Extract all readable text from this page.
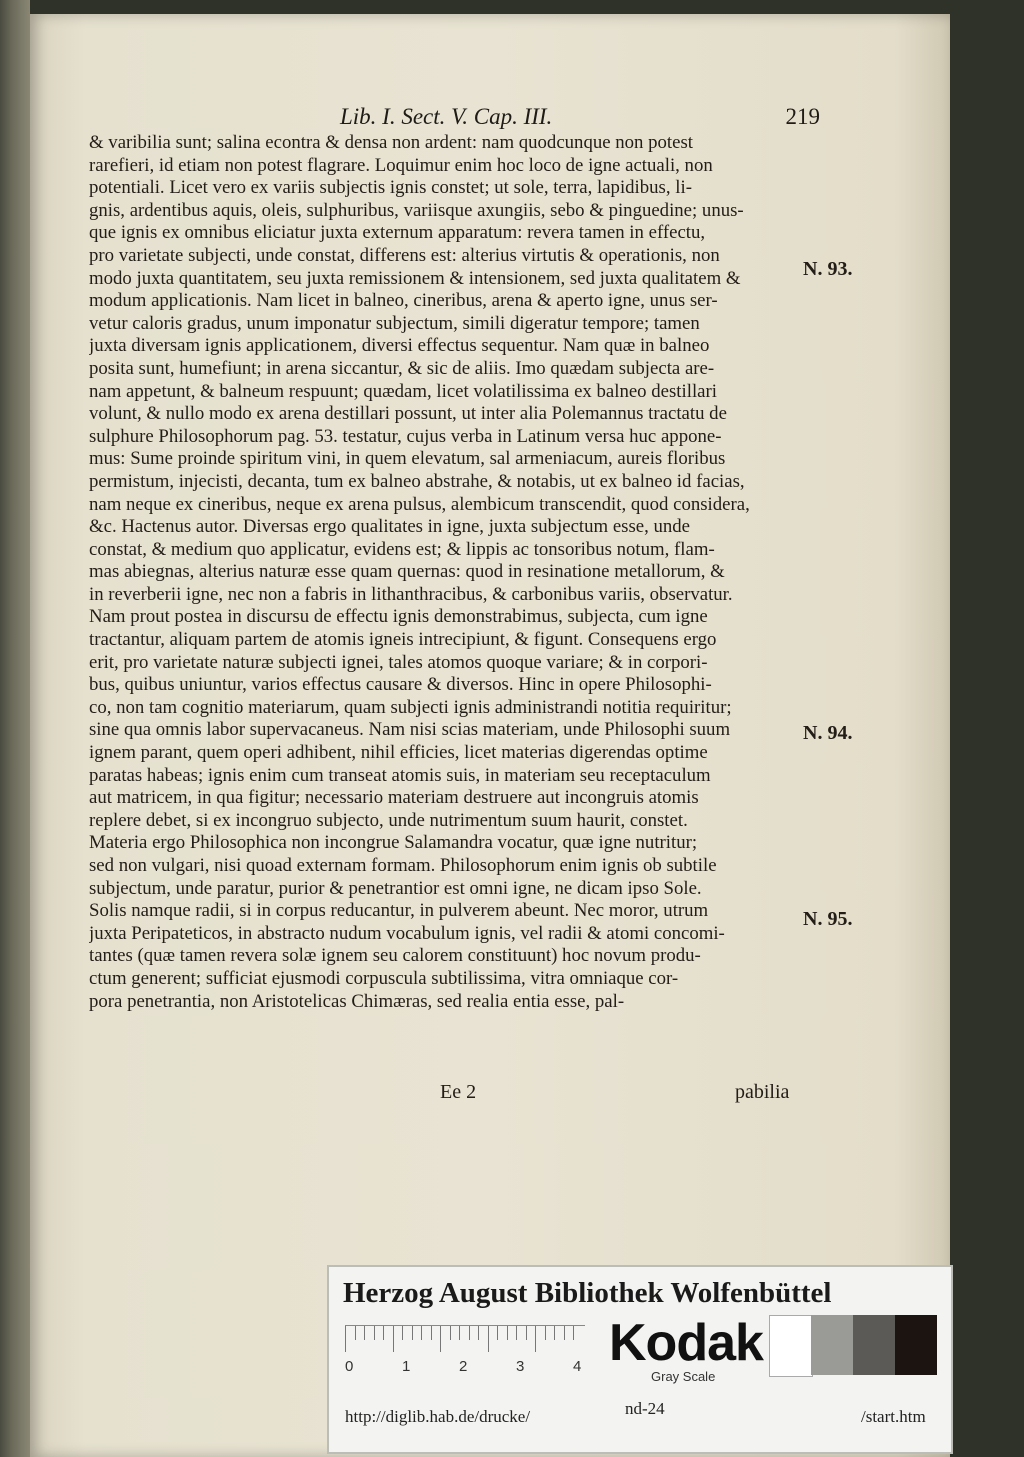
Lib. I. Sect. V. Cap. III.	219
& varibilia sunt; salina econtra & densa non ardent: nam quodcunque non potest
rarefieri, id etiam non potest flagrare. Loquimur enim hoc loco de igne actuali, non
potentiali. Licet vero ex variis subjectis ignis constet; ut sole, terra, lapidibus, li-
gnis, ardentibus aquis, oleis, sulphuribus, variisque axungiis, sebo & pinguedine; unus-
que ignis ex omnibus eliciatur juxta externum apparatum: revera tamen in effectu,
pro varietate subjecti, unde constat, differens est: alterius virtutis & operationis, non
modo juxta quantitatem, seu juxta remissionem & intensionem, sed juxta qualitatem &
modum applicationis. Nam licet in balneo, cineribus, arena & aperto igne, unus ser-
vetur caloris gradus, unum imponatur subjectum, simili digeratur tempore; tamen
juxta diversam ignis applicationem, diversi effectus sequentur. Nam quæ in balneo
posita sunt, humefiunt; in arena siccantur, & sic de aliis. Imo quædam subjecta are-
nam appetunt, & balneum respuunt; quædam, licet volatilissima ex balneo destillari
volunt, & nullo modo ex arena destillari possunt, ut inter alia Polemannus tractatu de
sulphure Philosophorum pag. 53. testatur, cujus verba in Latinum versa huc appone-
mus: Sume proinde spiritum vini, in quem elevatum, sal armeniacum, aureis floribus
permistum, injecisti, decanta, tum ex balneo abstrahe, & notabis, ut ex balneo id facias,
nam neque ex cineribus, neque ex arena pulsus, alembicum transcendit, quod considera,
&c. Hactenus autor. Diversas ergo qualitates in igne, juxta subjectum esse, unde
constat, & medium quo applicatur, evidens est; & lippis ac tonsoribus notum, flam-
mas abiegnas, alterius naturæ esse quam quernas: quod in resinatione metallorum, &
in reverberii igne, nec non a fabris in lithanthracibus, & carbonibus variis, observatur.
Nam prout postea in discursu de effectu ignis demonstrabimus, subjecta, cum igne
tractantur, aliquam partem de atomis igneis intrecipiunt, & figunt. Consequens ergo
erit, pro varietate naturæ subjecti ignei, tales atomos quoque variare; & in corpori-
bus, quibus uniuntur, varios effectus causare & diversos. Hinc in opere Philosophi-
co, non tam cognitio materiarum, quam subjecti ignis administrandi notitia requiritur;
sine qua omnis labor supervacaneus. Nam nisi scias materiam, unde Philosophi suum
ignem parant, quem operi adhibent, nihil efficies, licet materias digerendas optime
paratas habeas; ignis enim cum transeat atomis suis, in materiam seu receptaculum
aut matricem, in qua figitur; necessario materiam destruere aut incongruis atomis
replere debet, si ex incongruo subjecto, unde nutrimentum suum haurit, constet.
Materia ergo Philosophica non incongrue Salamandra vocatur, quæ igne nutritur;
sed non vulgari, nisi quoad externam formam. Philosophorum enim ignis ob subtile
subjectum, unde paratur, purior & penetrantior est omni igne, ne dicam ipso Sole.
Solis namque radii, si in corpus reducantur, in pulverem abeunt. Nec moror, utrum
juxta Peripateticos, in abstracto nudum vocabulum ignis, vel radii & atomi concomi-
tantes (quæ tamen revera solæ ignem seu calorem constituunt) hoc novum produ-
ctum generent; sufficiat ejusmodi corpuscula subtilissima, vitra omniaque cor-
pora penetrantia, non Aristotelicas Chimæras, sed realia entia esse, pal-
N. 93.
N. 94.
N. 95.
Ee 2	pabilia
Herzog August Bibliothek Wolfenbüttel
0	1	2	3	4 Kodak
Gray Scale
http://diglib.hab.de/drucke/	nd-24	/start.htm
